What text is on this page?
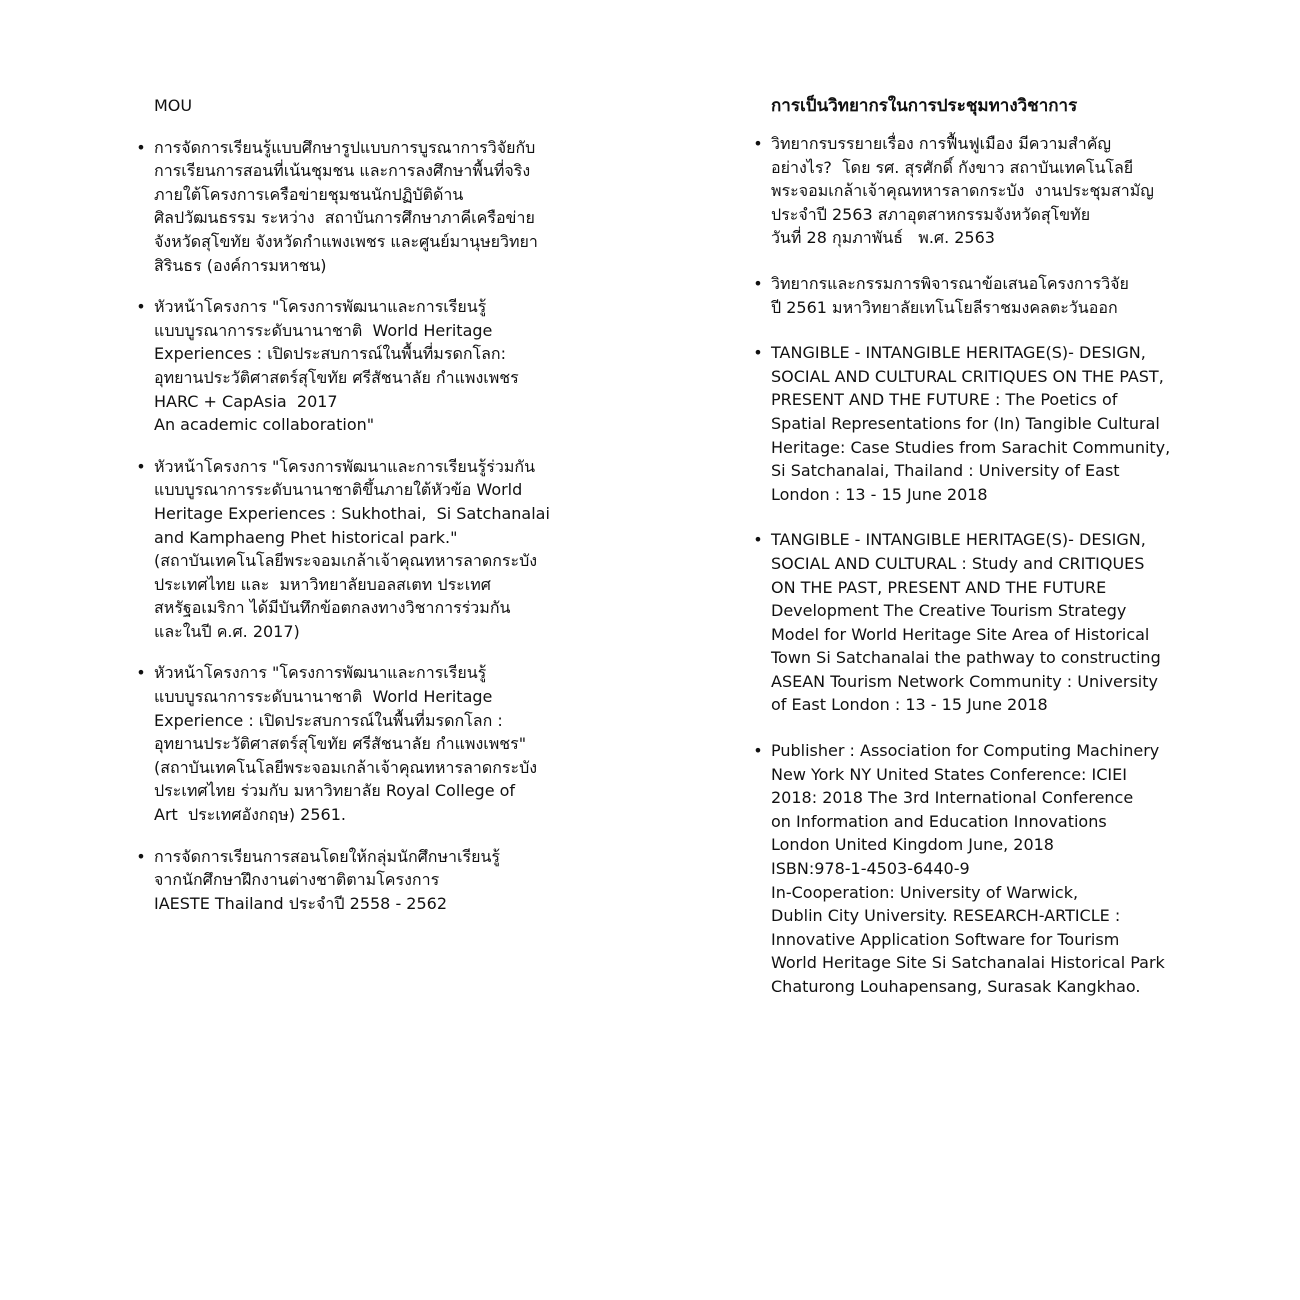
MOU
• การจัดการเรียนรู้แบบศึกษารูปแบบการบูรณาการวิจัยกับ
การเรียนการสอนที่เน้นชุมชน และการลงศึกษาพื้นที่จริง
ภายใต้โครงการเครือข่ายชุมชนนักปฏิบัติด้าน
ศิลปวัฒนธรรม ระหว่าง  สถาบันการศึกษาภาคีเครือข่าย
จังหวัดสุโขทัย จังหวัดกำแพงเพชร และศูนย์มานุษยวิทยา
สิรินธร (องค์การมหาชน)
• หัวหน้าโครงการ "โครงการพัฒนาและการเรียนรู้
แบบบูรณาการระดับนานาชาติ  World Heritage
Experiences : เปิดประสบการณ์ในพื้นที่มรดกโลก:
อุทยานประวัติศาสตร์สุโขทัย ศรีสัชนาลัย กำแพงเพชร
HARC + CapAsia  2017
An academic collaboration"
• หัวหน้าโครงการ "โครงการพัฒนาและการเรียนรู้ร่วมกัน
แบบบูรณาการระดับนานาชาติขึ้นภายใต้หัวข้อ World
Heritage Experiences : Sukhothai,  Si Satchanalai
and Kamphaeng Phet historical park."
(สถาบันเทคโนโลยีพระจอมเกล้าเจ้าคุณทหารลาดกระบัง
ประเทศไทย และ  มหาวิทยาลัยบอลสเตท ประเทศ
สหรัฐอเมริกา ได้มีบันทึกข้อตกลงทางวิชาการร่วมกัน
และในปี ค.ศ. 2017)
• หัวหน้าโครงการ "โครงการพัฒนาและการเรียนรู้
แบบบูรณาการระดับนานาชาติ  World Heritage
Experience : เปิดประสบการณ์ในพื้นที่มรดกโลก :
อุทยานประวัติศาสตร์สุโขทัย ศรีสัชนาลัย กำแพงเพชร"
(สถาบันเทคโนโลยีพระจอมเกล้าเจ้าคุณทหารลาดกระบัง
ประเทศไทย ร่วมกับ มหาวิทยาลัย Royal College of
Art  ประเทศอังกฤษ) 2561.
• การจัดการเรียนการสอนโดยให้กลุ่มนักศึกษาเรียนรู้
จากนักศึกษาฝึกงานต่างชาติตามโครงการ
IAESTE Thailand ประจำปี 2558 - 2562
การเป็นวิทยากรในการประชุมทางวิชาการ
• วิทยากรบรรยายเรื่อง การฟื้นฟูเมือง มีความสำคัญ
อย่างไร?  โดย รศ. สุรศักดิ์ กังขาว สถาบันเทคโนโลยี
พระจอมเกล้าเจ้าคุณทหารลาดกระบัง  งานประชุมสามัญ
ประจำปี 2563 สภาอุตสาหกรรมจังหวัดสุโขทัย
วันที่ 28 กุมภาพันธ์   พ.ศ. 2563
• วิทยากรและกรรมการพิจารณาข้อเสนอโครงการวิจัย
ปี 2561 มหาวิทยาลัยเทโนโยลีราชมงคลตะวันออก
• TANGIBLE - INTANGIBLE HERITAGE(S)- DESIGN,
SOCIAL AND CULTURAL CRITIQUES ON THE PAST,
PRESENT AND THE FUTURE : The Poetics of
Spatial Representations for (In) Tangible Cultural
Heritage: Case Studies from Sarachit Community,
Si Satchanalai, Thailand : University of East
London : 13 - 15 June 2018
• TANGIBLE - INTANGIBLE HERITAGE(S)- DESIGN,
SOCIAL AND CULTURAL : Study and CRITIQUES
ON THE PAST, PRESENT AND THE FUTURE
Development The Creative Tourism Strategy
Model for World Heritage Site Area of Historical
Town Si Satchanalai the pathway to constructing
ASEAN Tourism Network Community : University
of East London : 13 - 15 June 2018
• Publisher : Association for Computing Machinery
New York NY United States Conference: ICIEI
2018: 2018 The 3rd International Conference
on Information and Education Innovations
London United Kingdom June, 2018
ISBN:978-1-4503-6440-9
In-Cooperation: University of Warwick,
Dublin City University. RESEARCH-ARTICLE :
Innovative Application Software for Tourism
World Heritage Site Si Satchanalai Historical Park
Chaturong Louhapensang, Surasak Kangkhao.
